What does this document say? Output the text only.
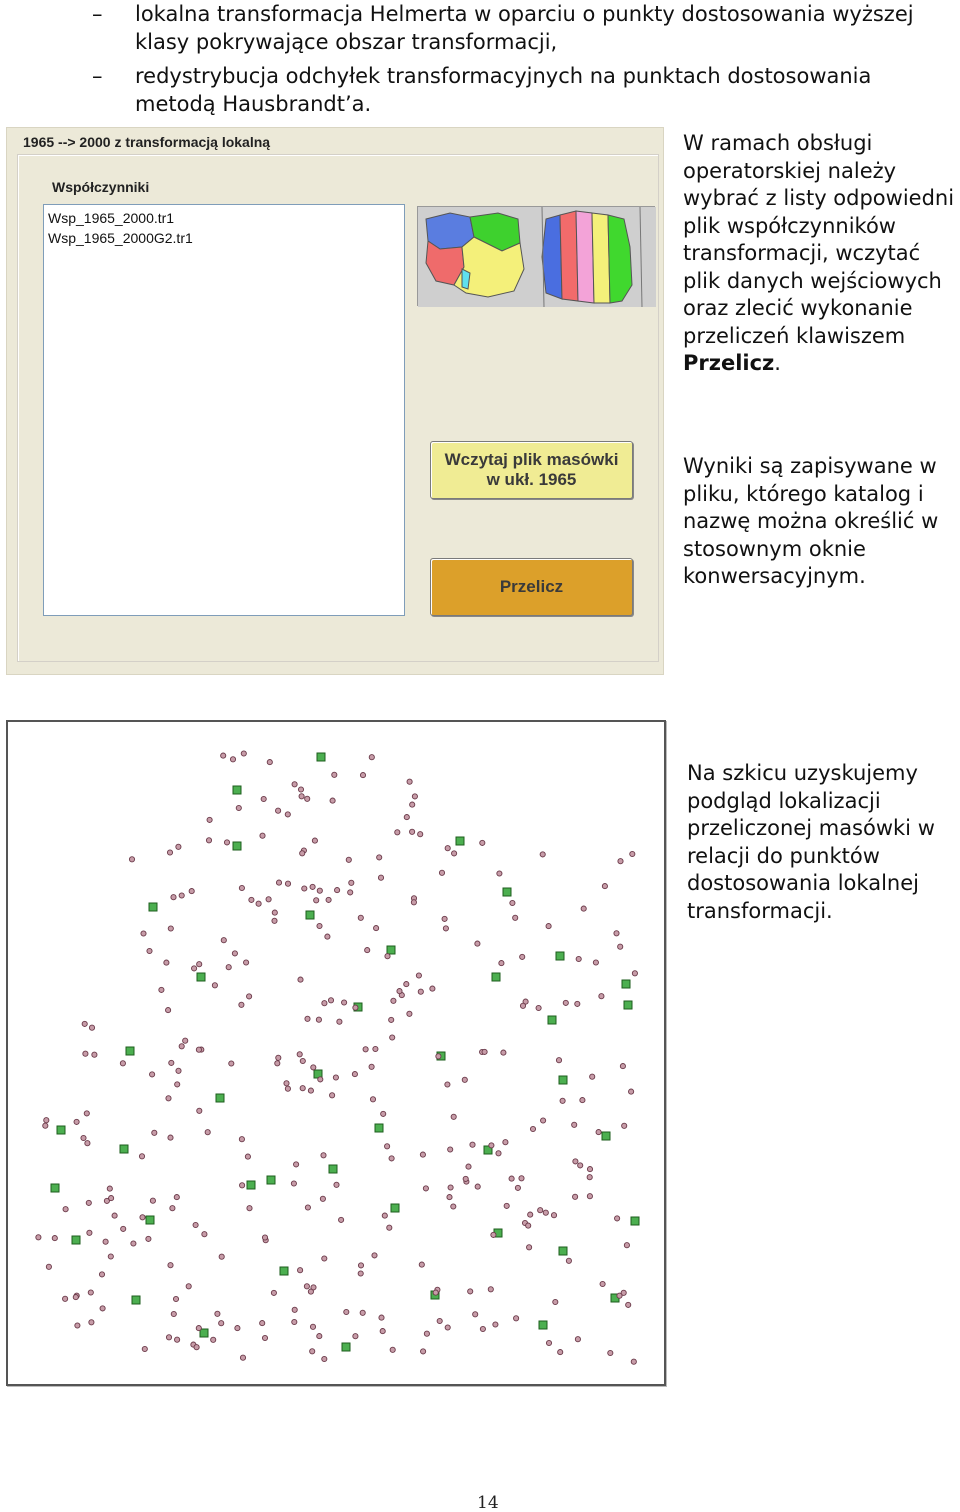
–	lokalna transformacja Helmerta w oparciu o punkty dostosowania wyższej klasy pokrywające obszar transformacji,
–	redystrybucja odchyłek transformacyjnych na punktach dostosowania metodą Hausbrandt’a.
1965 --> 2000 z transformacją lokalną
Współczynniki
Wsp_1965_2000.tr1
Wsp_1965_2000G2.tr1
Wczytaj plik masówki w ukł. 1965
Przelicz
W ramach obsługi operatorskiej należy wybrać z listy odpowiedni plik współczynników transformacji, wczytać plik danych wejściowych oraz zlecić wykonanie przeliczeń klawiszem Przelicz.
Wyniki są zapisywane w pliku, którego katalog i nazwę można określić w stosownym oknie konwersacyjnym.
Na szkicu uzyskujemy podgląd lokalizacji przeliczonej masówki w relacji do punktów dostosowania lokalnej transformacji.
14
